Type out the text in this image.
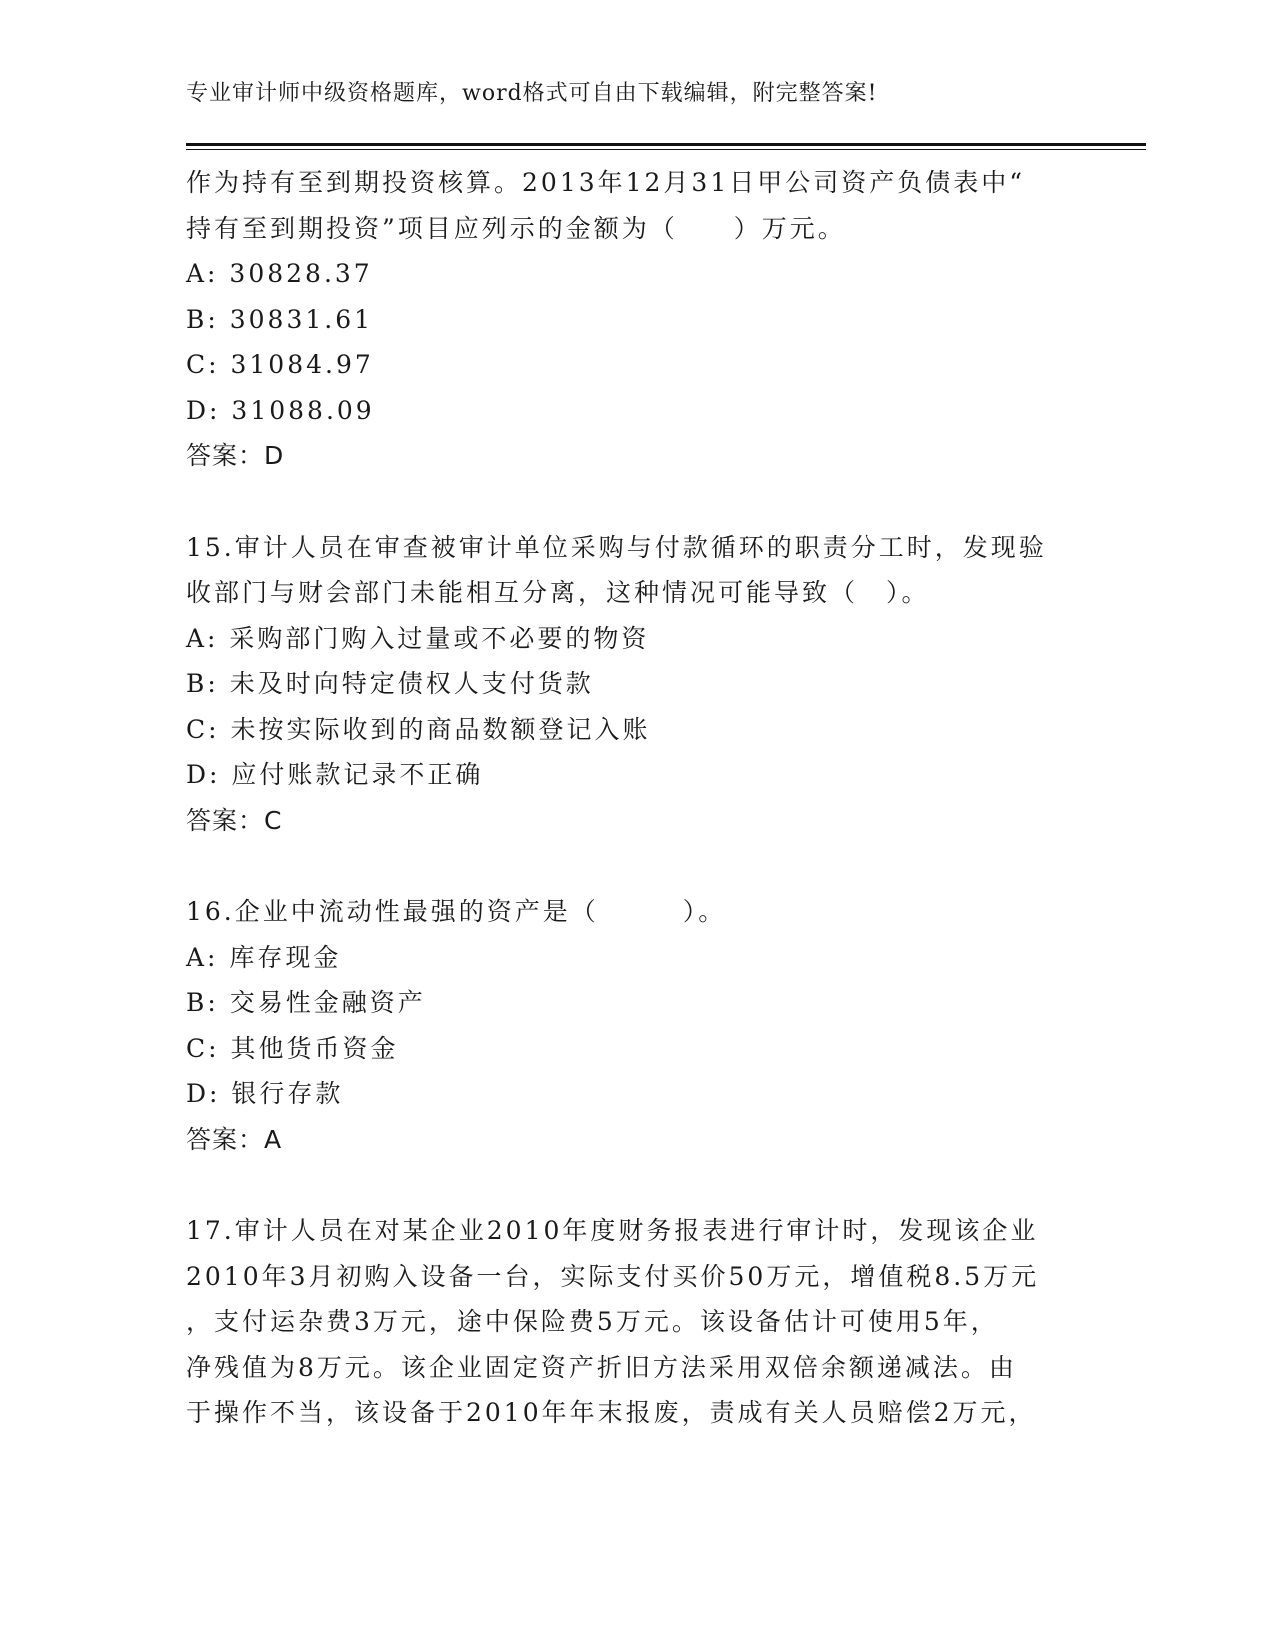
专业审计师中级资格题库，word格式可自由下载编辑，附完整答案!
作为持有至到期投资核算。2013年12月31日甲公司资产负债表中“
持有至到期投资”项目应列示的金额为（　　）万元。
A: 30828.37
B: 30831.61
C: 31084.97
D: 31088.09
答案：D
15.审计人员在审查被审计单位采购与付款循环的职责分工时，发现验
收部门与财会部门未能相互分离，这种情况可能导致（　）。
A: 采购部门购入过量或不必要的物资
B: 未及时向特定债权人支付货款
C: 未按实际收到的商品数额登记入账
D: 应付账款记录不正确
答案：C
16.企业中流动性最强的资产是（　　　）。
A: 库存现金
B: 交易性金融资产
C: 其他货币资金
D: 银行存款
答案：A
17.审计人员在对某企业2010年度财务报表进行审计时，发现该企业
2010年3月初购入设备一台，实际支付买价50万元，增值税8.5万元
，支付运杂费3万元，途中保险费5万元。该设备估计可使用5年，
净残值为8万元。该企业固定资产折旧方法采用双倍余额递减法。由
于操作不当，该设备于2010年年末报废，责成有关人员赔偿2万元，
